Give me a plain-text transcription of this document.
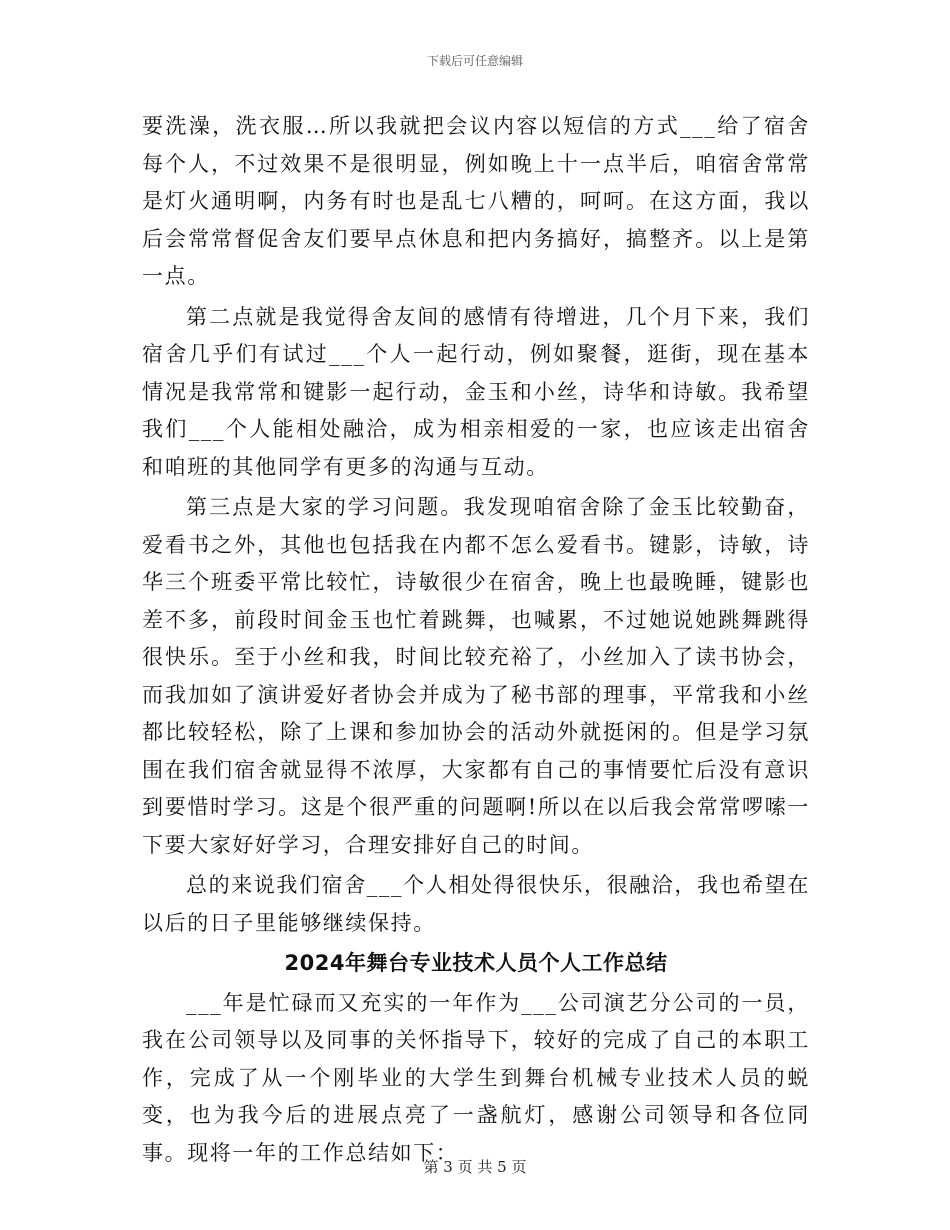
下载后可任意编辑

要洗澡，洗衣服…所以我就把会议内容以短信的方式___给了宿舍每个人，不过效果不是很明显，例如晚上十一点半后，咱宿舍常常是灯火通明啊，内务有时也是乱七八糟的，呵呵。在这方面，我以后会常常督促舍友们要早点休息和把内务搞好，搞整齐。以上是第一点。

第二点就是我觉得舍友间的感情有待增进，几个月下来，我们宿舍几乎们有试过___个人一起行动，例如聚餐，逛街，现在基本情况是我常常和键影一起行动，金玉和小丝，诗华和诗敏。我希望我们___个人能相处融洽，成为相亲相爱的一家，也应该走出宿舍和咱班的其他同学有更多的沟通与互动。

第三点是大家的学习问题。我发现咱宿舍除了金玉比较勤奋，爱看书之外，其他也包括我在内都不怎么爱看书。键影，诗敏，诗华三个班委平常比较忙，诗敏很少在宿舍，晚上也最晚睡，键影也差不多，前段时间金玉也忙着跳舞，也喊累，不过她说她跳舞跳得很快乐。至于小丝和我，时间比较充裕了，小丝加入了读书协会，而我加如了演讲爱好者协会并成为了秘书部的理事，平常我和小丝都比较轻松，除了上课和参加协会的活动外就挺闲的。但是学习氛围在我们宿舍就显得不浓厚，大家都有自己的事情要忙后没有意识到要惜时学习。这是个很严重的问题啊!所以在以后我会常常啰嗦一下要大家好好学习，合理安排好自己的时间。

总的来说我们宿舍___个人相处得很快乐，很融洽，我也希望在以后的日子里能够继续保持。

2024年舞台专业技术人员个人工作总结

___年是忙碌而又充实的一年作为___公司演艺分公司的一员，我在公司领导以及同事的关怀指导下，较好的完成了自己的本职工作，完成了从一个刚毕业的大学生到舞台机械专业技术人员的蜕变，也为我今后的进展点亮了一盏航灯，感谢公司领导和各位同事。现将一年的工作总结如下：

第 3 页 共 5 页
